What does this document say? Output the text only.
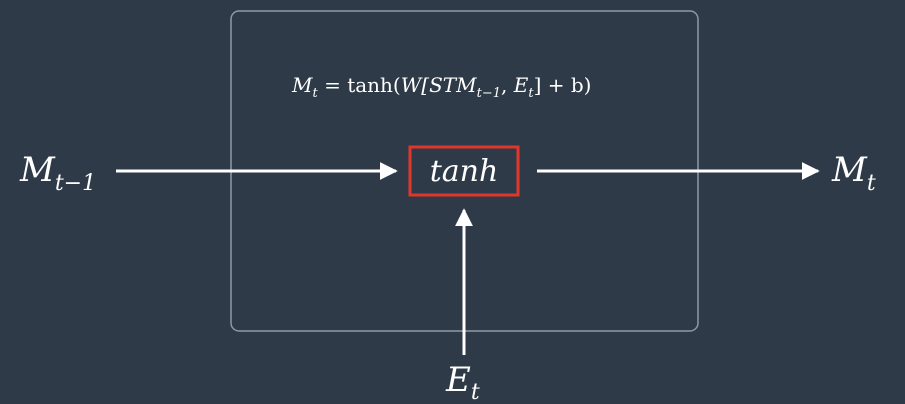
$M_t = \tanh(W[STM_{t-1}$, $E_t] + b$)
tanh
$M_{t-1}$	$M_t$
$E_t$
